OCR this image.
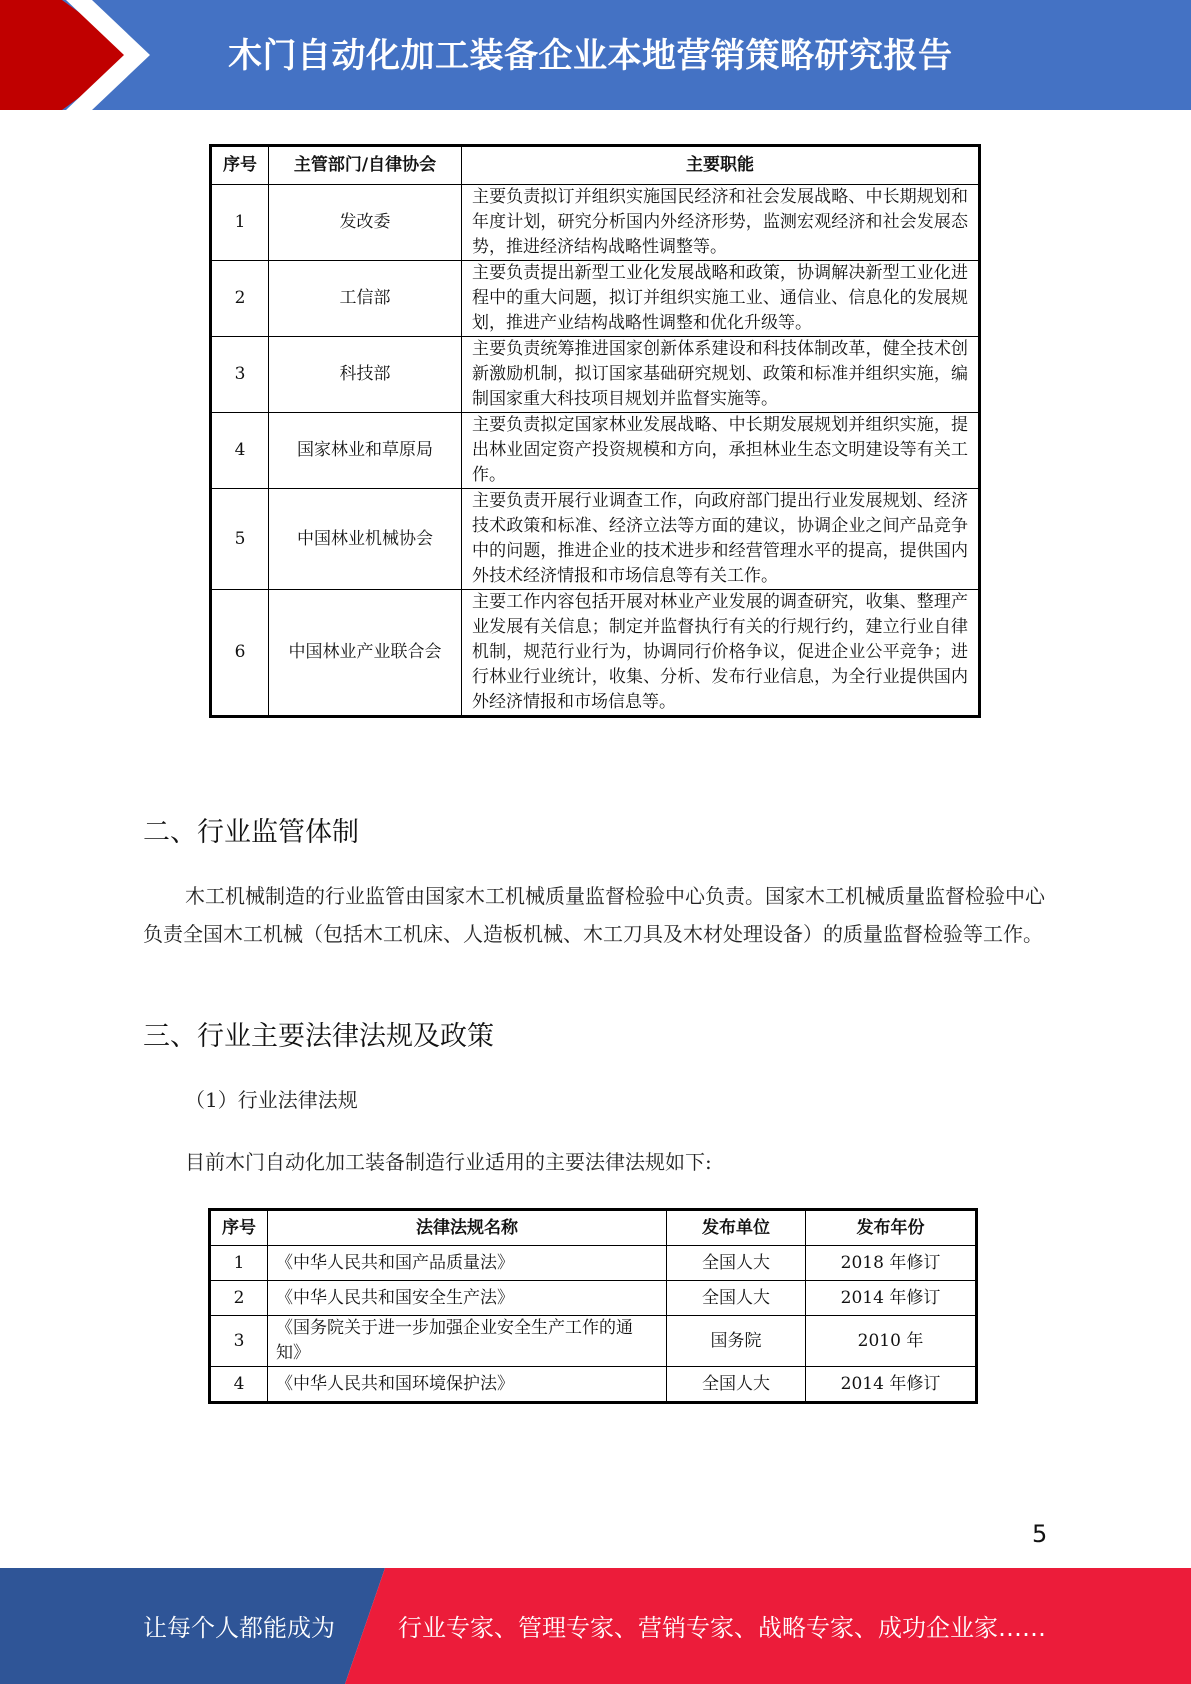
木门自动化加工装备企业本地营销策略研究报告
序号	主管部门/自律协会	主要职能
1	发改委	主要负责拟订并组织实施国民经济和社会发展战略、中长期规划和年度计划，研究分析国内外经济形势，监测宏观经济和社会发展态势，推进经济结构战略性调整等。
2	工信部	主要负责提出新型工业化发展战略和政策，协调解决新型工业化进程中的重大问题，拟订并组织实施工业、通信业、信息化的发展规划，推进产业结构战略性调整和优化升级等。
3	科技部	主要负责统筹推进国家创新体系建设和科技体制改革，健全技术创新激励机制，拟订国家基础研究规划、政策和标准并组织实施，编制国家重大科技项目规划并监督实施等。
4	国家林业和草原局	主要负责拟定国家林业发展战略、中长期发展规划并组织实施，提出林业固定资产投资规模和方向，承担林业生态文明建设等有关工作。
5	中国林业机械协会	主要负责开展行业调查工作，向政府部门提出行业发展规划、经济技术政策和标准、经济立法等方面的建议，协调企业之间产品竞争中的问题，推进企业的技术进步和经营管理水平的提高，提供国内外技术经济情报和市场信息等有关工作。
6	中国林业产业联合会	主要工作内容包括开展对林业产业发展的调查研究，收集、整理产业发展有关信息；制定并监督执行有关的行规行约，建立行业自律机制，规范行业行为，协调同行价格争议，促进企业公平竞争；进行林业行业统计，收集、分析、发布行业信息，为全行业提供国内外经济情报和市场信息等。
二、行业监管体制
木工机械制造的行业监管由国家木工机械质量监督检验中心负责。国家木工机械质量监督检验中心负责全国木工机械（包括木工机床、人造板机械、木工刀具及木材处理设备）的质量监督检验等工作。
三、行业主要法律法规及政策
（1）行业法律法规
目前木门自动化加工装备制造行业适用的主要法律法规如下:
序号	法律法规名称	发布单位	发布年份
1	《中华人民共和国产品质量法》	全国人大	2018 年修订
2	《中华人民共和国安全生产法》	全国人大	2014 年修订
3	《国务院关于进一步加强企业安全生产工作的通知》	国务院	2010 年
4	《中华人民共和国环境保护法》	全国人大	2014 年修订
5
让每个人都能成为	行业专家、管理专家、营销专家、战略专家、成功企业家……
